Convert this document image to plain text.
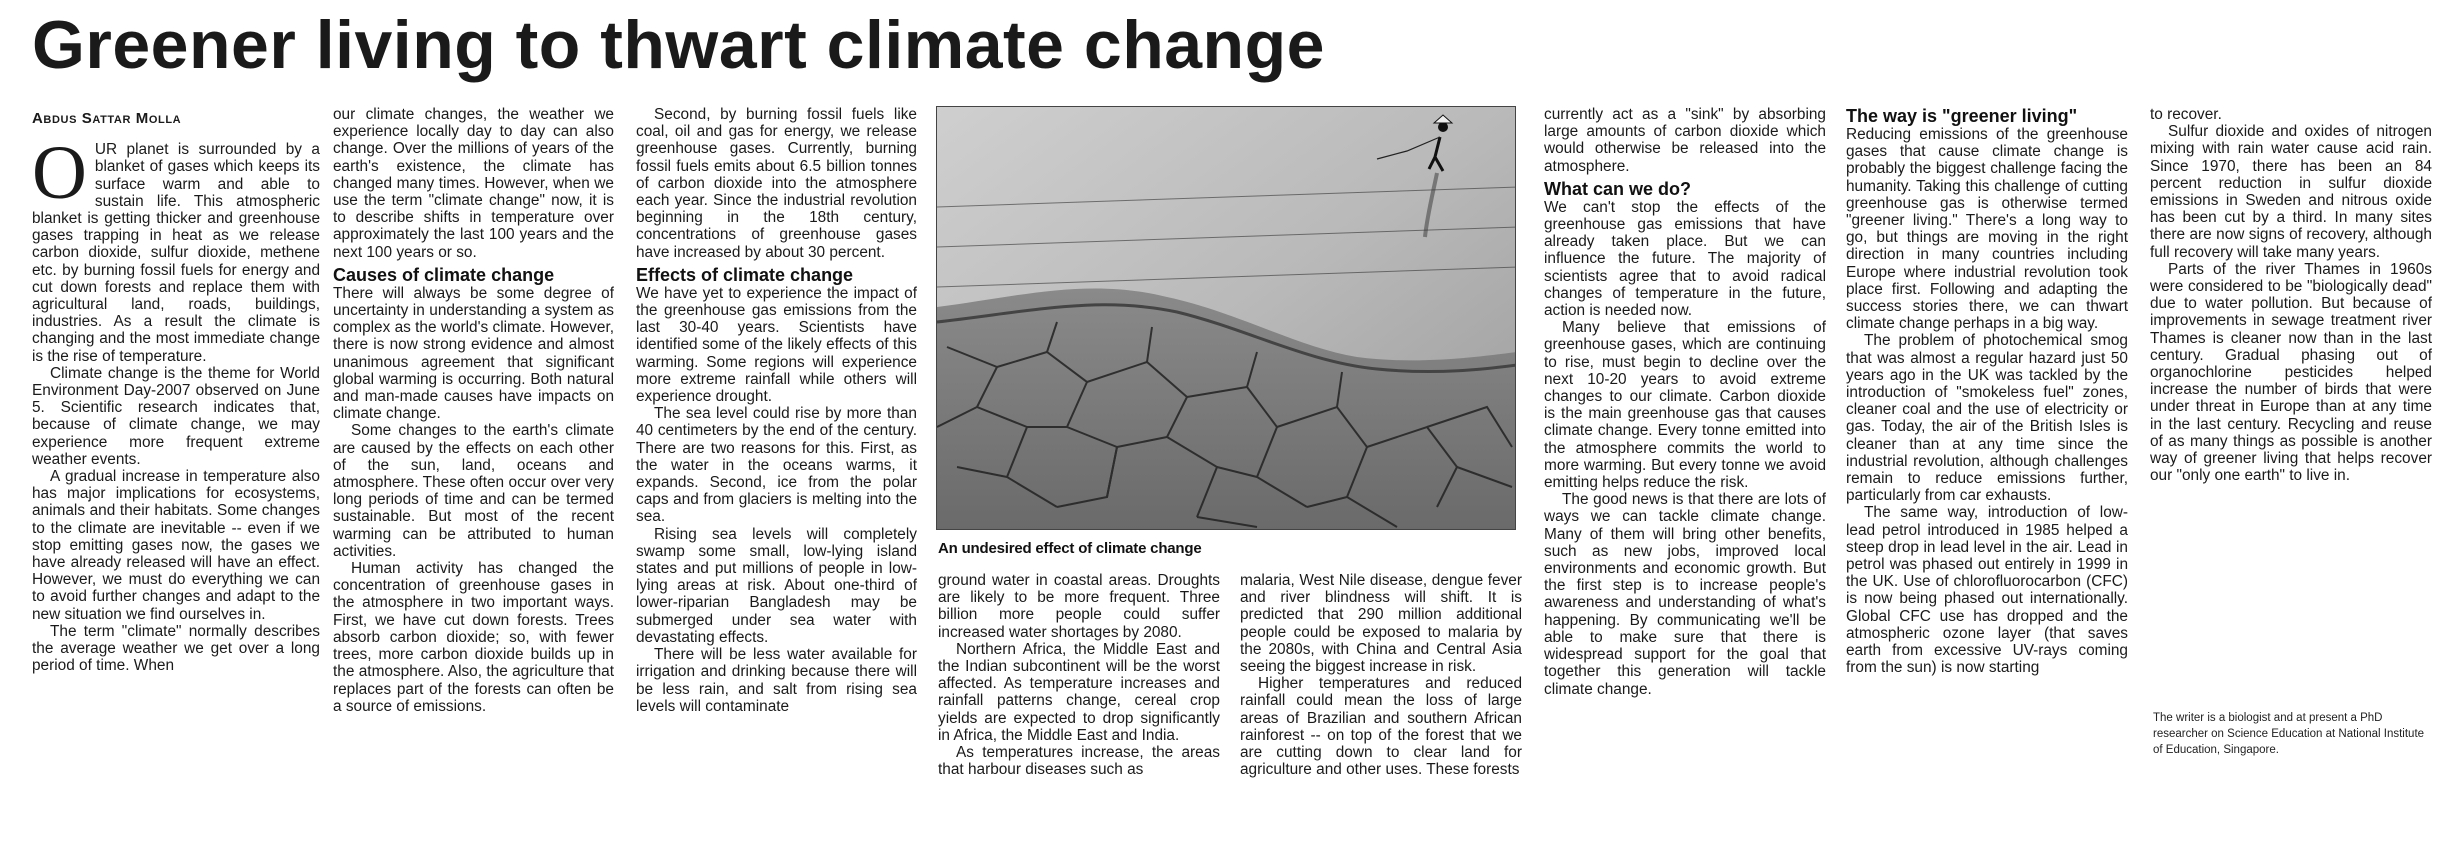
Greener living to thwart climate change
Abdus Sattar Molla

OUR planet is surrounded by a blanket of gases which keeps its surface warm and able to sustain life. This atmospheric blanket is getting thicker and greenhouse gases trapping in heat as we release carbon dioxide, sulfur dioxide, methene etc. by burning fossil fuels for energy and cut down forests and replace them with agricultural land, roads, buildings, industries. As a result the climate is changing and the most immediate change is the rise of temperature.

Climate change is the theme for World Environment Day-2007 observed on June 5. Scientific research indicates that, because of climate change, we may experience more frequent extreme weather events.

A gradual increase in temperature also has major implications for ecosystems, animals and their habitats. Some changes to the climate are inevitable -- even if we stop emitting gases now, the gases we have already released will have an effect. However, we must do everything we can to avoid further changes and adapt to the new situation we find ourselves in.

The term "climate" normally describes the average weather we get over a long period of time. When

our climate changes, the weather we experience locally day to day can also change. Over the millions of years of the earth's existence, the climate has changed many times. However, when we use the term "climate change" now, it is to describe shifts in temperature over approximately the last 100 years and the next 100 years or so.

Causes of climate change

There will always be some degree of uncertainty in understanding a system as complex as the world's climate. However, there is now strong evidence and almost unanimous agreement that significant global warming is occurring. Both natural and man-made causes have impacts on climate change.

Some changes to the earth's climate are caused by the effects on each other of the sun, land, oceans and atmosphere. These often occur over very long periods of time and can be termed sustainable. But most of the recent warming can be attributed to human activities.

Human activity has changed the concentration of greenhouse gases in the atmosphere in two important ways. First, we have cut down forests. Trees absorb carbon dioxide; so, with fewer trees, more carbon dioxide builds up in the atmosphere. Also, the agriculture that replaces part of the forests can often be a source of emissions.

Second, by burning fossil fuels like coal, oil and gas for energy, we release greenhouse gases. Currently, burning fossil fuels emits about 6.5 billion tonnes of carbon dioxide into the atmosphere each year. Since the industrial revolution beginning in the 18th century, concentrations of greenhouse gases have increased by about 30 percent.

Effects of climate change

We have yet to experience the impact of the greenhouse gas emissions from the last 30-40 years. Scientists have identified some of the likely effects of this warming. Some regions will experience more extreme rainfall while others will experience drought.

The sea level could rise by more than 40 centimeters by the end of the century. There are two reasons for this. First, as the water in the oceans warms, it expands. Second, ice from the polar caps and from glaciers is melting into the sea.

Rising sea levels will completely swamp some small, low-lying island states and put millions of people in low-lying areas at risk. About one-third of lower-riparian Bangladesh may be submerged under sea water with devastating effects.

There will be less water available for irrigation and drinking because there will be less rain, and salt from rising sea levels will contaminate

An undesired effect of climate change

ground water in coastal areas. Droughts are likely to be more frequent. Three billion more people could suffer increased water shortages by 2080.

Northern Africa, the Middle East and the Indian subcontinent will be the worst affected. As temperature increases and rainfall patterns change, cereal crop yields are expected to drop significantly in Africa, the Middle East and India.

As temperatures increase, the areas that harbour diseases such as

malaria, West Nile disease, dengue fever and river blindness will shift. It is predicted that 290 million additional people could be exposed to malaria by the 2080s, with China and Central Asia seeing the biggest increase in risk.

Higher temperatures and reduced rainfall could mean the loss of large areas of Brazilian and southern African rainforest -- on top of the forest that we are cutting down to clear land for agriculture and other uses. These forests

currently act as a "sink" by absorbing large amounts of carbon dioxide which would otherwise be released into the atmosphere.

What can we do?

We can't stop the effects of the greenhouse gas emissions that have already taken place. But we can influence the future. The majority of scientists agree that to avoid radical changes of temperature in the future, action is needed now.

Many believe that emissions of greenhouse gases, which are continuing to rise, must begin to decline over the next 10-20 years to avoid extreme changes to our climate. Carbon dioxide is the main greenhouse gas that causes climate change. Every tonne emitted into the atmosphere commits the world to more warming. But every tonne we avoid emitting helps reduce the risk.

The good news is that there are lots of ways we can tackle climate change. Many of them will bring other benefits, such as new jobs, improved local environments and economic growth. But the first step is to increase people's awareness and understanding of what's happening. By communicating we'll be able to make sure that there is widespread support for the goal that together this generation will tackle climate change.

The way is "greener living"

Reducing emissions of the greenhouse gases that cause climate change is probably the biggest challenge facing the humanity. Taking this challenge of cutting greenhouse gas is otherwise termed "greener living." There's a long way to go, but things are moving in the right direction in many countries including Europe where industrial revolution took place first. Following and adapting the success stories there, we can thwart climate change perhaps in a big way.

The problem of photochemical smog that was almost a regular hazard just 50 years ago in the UK was tackled by the introduction of "smokeless fuel" zones, cleaner coal and the use of electricity or gas. Today, the air of the British Isles is cleaner than at any time since the industrial revolution, although challenges remain to reduce emissions further, particularly from car exhausts.

The same way, introduction of low-lead petrol introduced in 1985 helped a steep drop in lead level in the air. Lead in petrol was phased out entirely in 1999 in the UK. Use of chlorofluorocarbon (CFC) is now being phased out internationally. Global CFC use has dropped and the atmospheric ozone layer (that saves earth from excessive UV-rays coming from the sun) is now starting

to recover.

Sulfur dioxide and oxides of nitrogen mixing with rain water cause acid rain. Since 1970, there has been an 84 percent reduction in sulfur dioxide emissions in Sweden and nitrous oxide has been cut by a third. In many sites there are now signs of recovery, although full recovery will take many years.

Parts of the river Thames in 1960s were considered to be "biologically dead" due to water pollution. But because of improvements in sewage treatment river Thames is cleaner now than in the last century. Gradual phasing out of organochlorine pesticides helped increase the number of birds that were under threat in Europe than at any time in the last century. Recycling and reuse of as many things as possible is another way of greener living that helps recover our "only one earth" to live in.

The writer is a biologist and at present a PhD researcher on Science Education at National Institute of Education, Singapore.
